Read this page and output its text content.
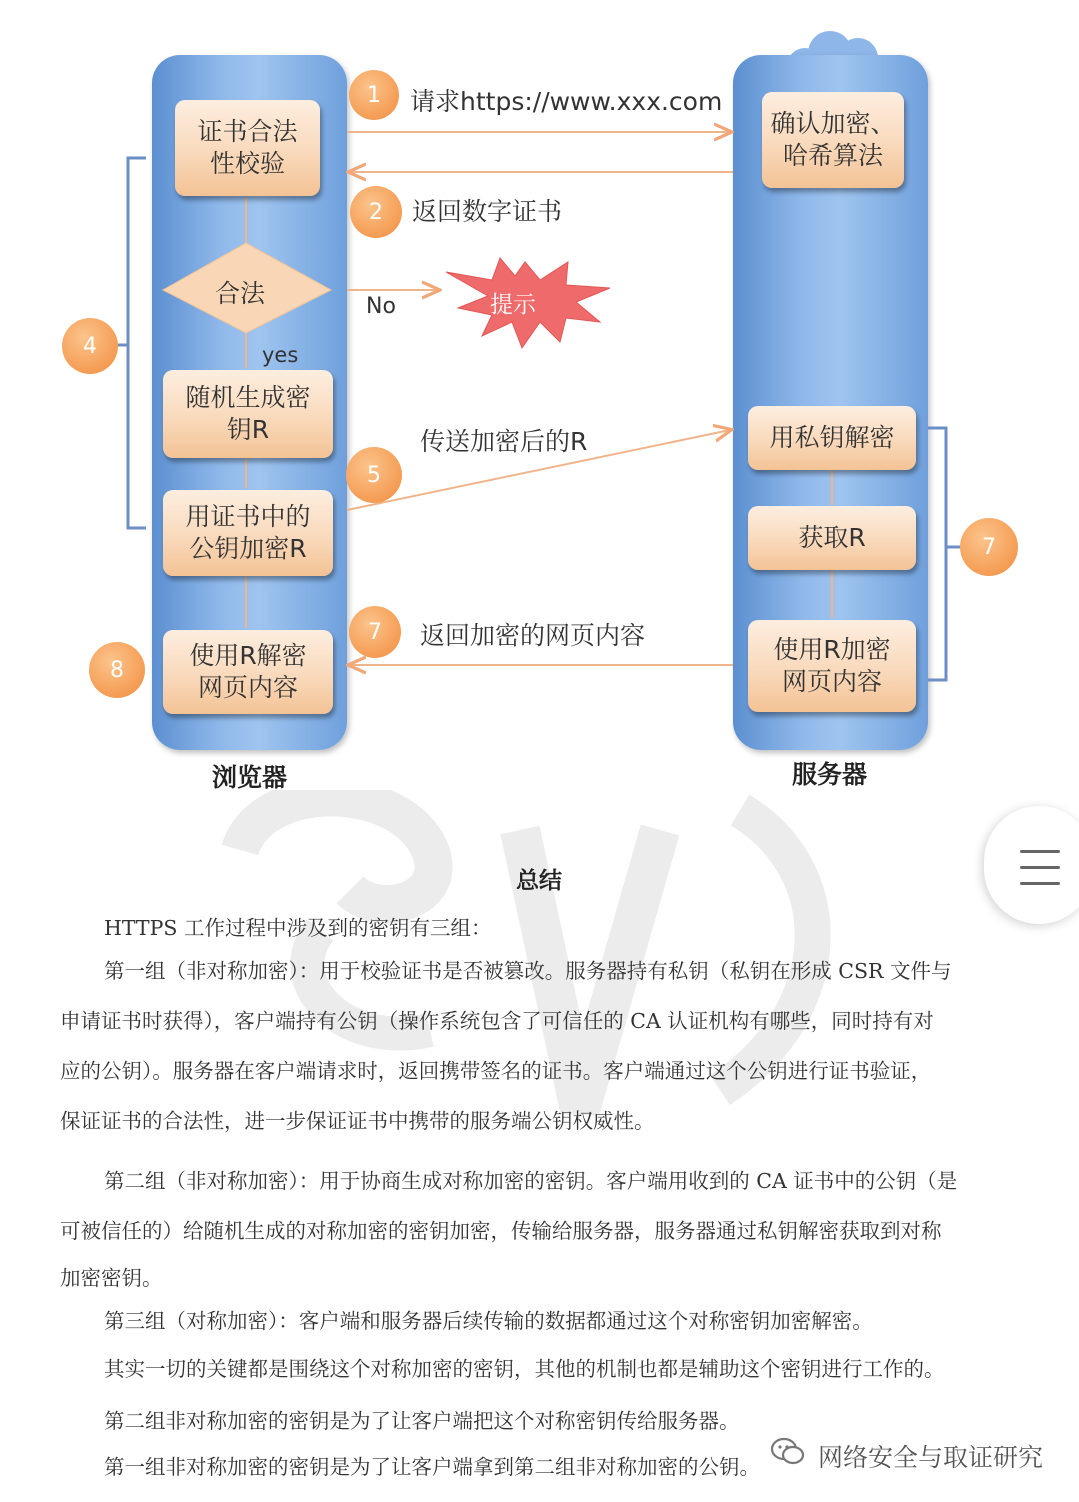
证书合法
性校验
合法
随机生成密
钥R
用证书中的
公钥加密R
使用R解密
网页内容
浏览器
确认加密、
哈希算法
用私钥解密
获取R
使用R加密
网页内容
服务器
1
2
4
5
7
7
8
请求https://www.xxx.com
返回数字证书
No
yes
提示
传送加密后的R
返回加密的网页内容
总结
HTTPS 工作过程中涉及到的密钥有三组：
第一组（非对称加密）：用于校验证书是否被篡改。服务器持有私钥（私钥在形成 CSR 文件与
申请证书时获得），客户端持有公钥（操作系统包含了可信任的 CA 认证机构有哪些，同时持有对
应的公钥）。服务器在客户端请求时，返回携带签名的证书。客户端通过这个公钥进行证书验证，
保证证书的合法性，进一步保证证书中携带的服务端公钥权威性。
第二组（非对称加密）：用于协商生成对称加密的密钥。客户端用收到的 CA 证书中的公钥（是
可被信任的）给随机生成的对称加密的密钥加密，传输给服务器，服务器通过私钥解密获取到对称
加密密钥。
第三组（对称加密）：客户端和服务器后续传输的数据都通过这个对称密钥加密解密。
其实一切的关键都是围绕这个对称加密的密钥，其他的机制也都是辅助这个密钥进行工作的。
第二组非对称加密的密钥是为了让客户端把这个对称密钥传给服务器。
第一组非对称加密的密钥是为了让客户端拿到第二组非对称加密的公钥。	网络安全与取证研究
